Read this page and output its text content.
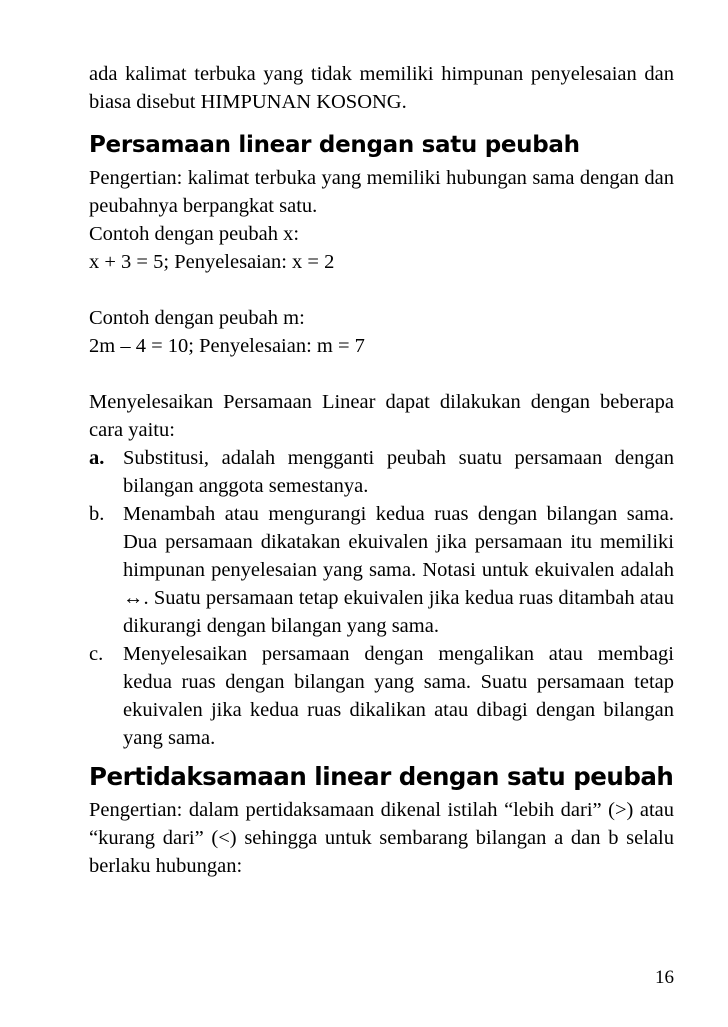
ada kalimat terbuka yang tidak memiliki himpunan penyelesaian dan biasa disebut HIMPUNAN KOSONG.

Persamaan linear dengan satu peubah

Pengertian: kalimat terbuka yang memiliki hubungan sama dengan dan peubahnya berpangkat satu.

Contoh dengan peubah x:

x + 3 = 5; Penyelesaian: x = 2

Contoh dengan peubah m:

2m – 4 = 10; Penyelesaian: m = 7

Menyelesaikan Persamaan Linear dapat dilakukan dengan beberapa cara yaitu:

a. Substitusi, adalah mengganti peubah suatu persamaan dengan bilangan anggota semestanya.
b. Menambah atau mengurangi kedua ruas dengan bilangan sama. Dua persamaan dikatakan ekuivalen jika persamaan itu memiliki himpunan penyelesaian yang sama. Notasi untuk ekuivalen adalah ↔. Suatu persamaan tetap ekuivalen jika kedua ruas ditambah atau dikurangi dengan bilangan yang sama.
c. Menyelesaikan persamaan dengan mengalikan atau membagi kedua ruas dengan bilangan yang sama. Suatu persamaan tetap ekuivalen jika kedua ruas dikalikan atau dibagi dengan bilangan yang sama.
Pertidaksamaan linear dengan satu peubah

Pengertian: dalam pertidaksamaan dikenal istilah “lebih dari” (>) atau “kurang dari” (<) sehingga untuk sembarang bilangan a dan b selalu berlaku hubungan:

16
